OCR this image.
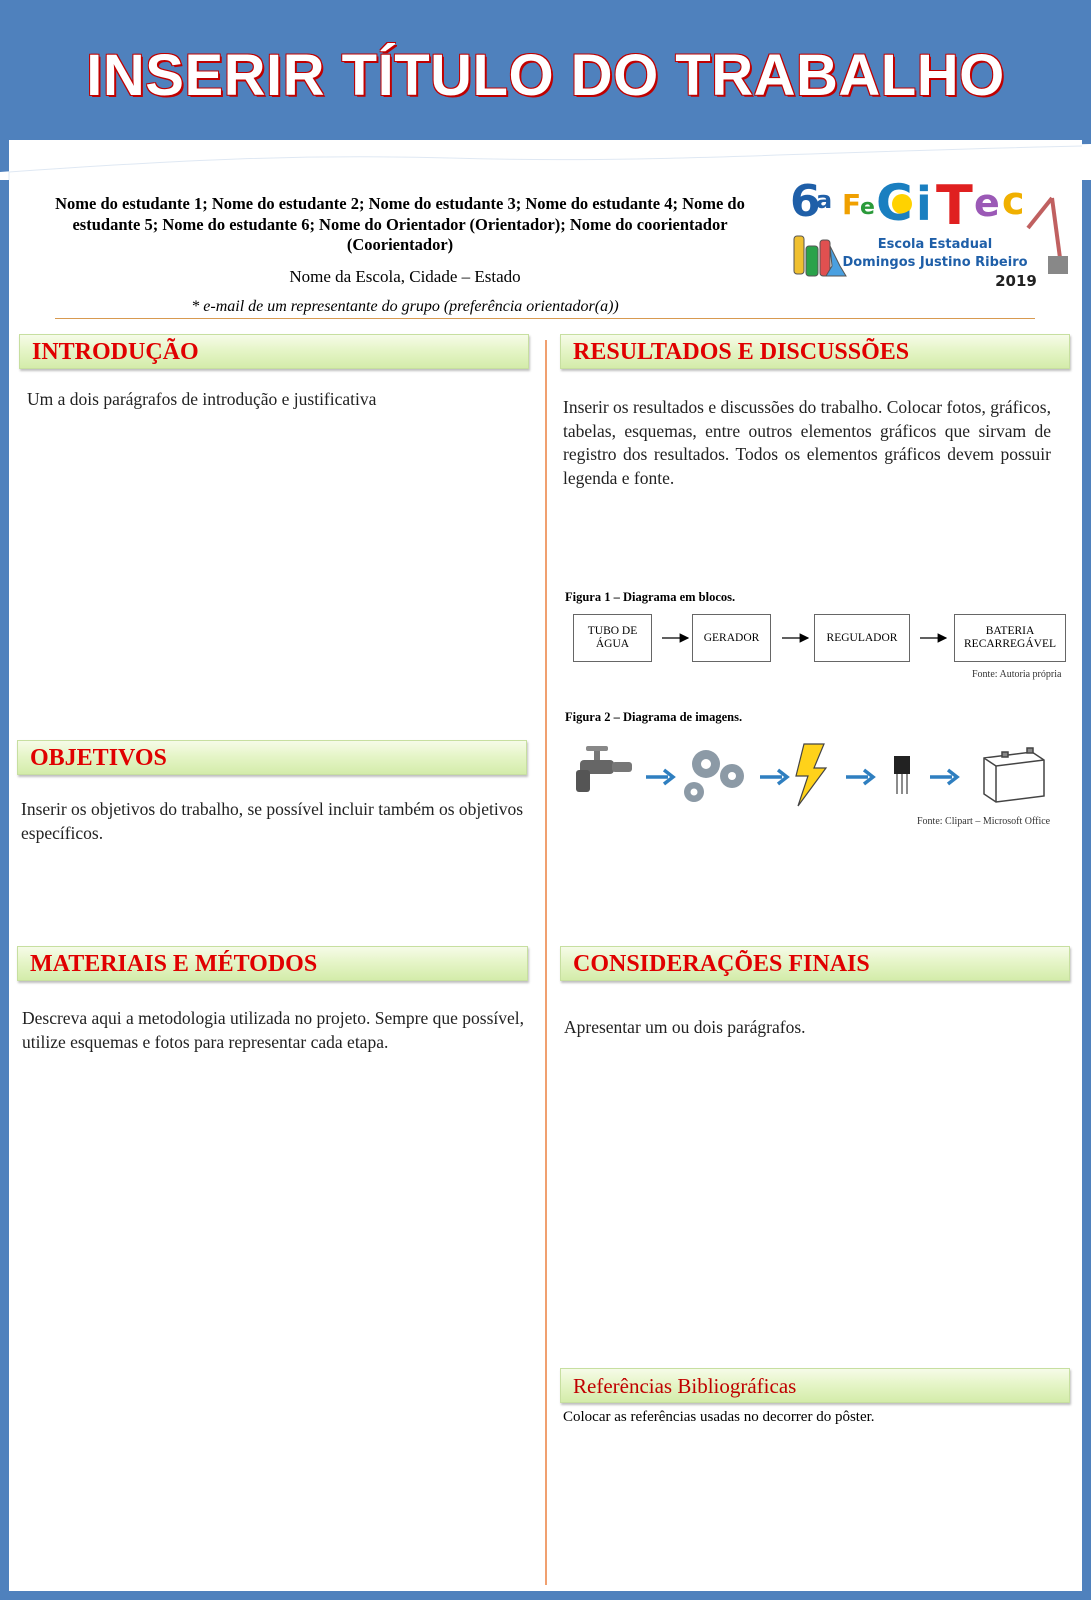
INSERIR TÍTULO DO TRABALHO
Nome do estudante 1; Nome do estudante 2; Nome do estudante 3; Nome do estudante 4; Nome do estudante 5; Nome do estudante 6; Nome do Orientador (Orientador); Nome do coorientador (Coorientador)
Nome da Escola, Cidade – Estado
* e-mail de um representante do grupo (preferência orientador(a))
6
a F
e C i T e c
Escola Estadual
Domingos Justino Ribeiro
2019
INTRODUÇÃO
Um a dois parágrafos de introdução e justificativa
OBJETIVOS
Inserir os objetivos do trabalho, se possível incluir também os objetivos específicos.
MATERIAIS E MÉTODOS
Descreva aqui a metodologia utilizada no projeto. Sempre que possível, utilize esquemas e fotos para representar cada etapa.
RESULTADOS E DISCUSSÕES
Inserir os resultados e discussões do trabalho. Colocar fotos, gráficos, tabelas, esquemas, entre outros elementos gráficos que sirvam de registro dos resultados. Todos os elementos gráficos devem possuir legenda e fonte.
Figura 1 – Diagrama em blocos.
TUBO DE ÁGUA
GERADOR	REGULADOR
BATERIA RECARREGÁVEL
Fonte: Autoria própria
Figura 2 – Diagrama de imagens.
Fonte: Clipart – Microsoft Office
CONSIDERAÇÕES FINAIS
Apresentar um ou dois parágrafos.
Referências Bibliográficas
Colocar as referências usadas no decorrer do pôster.
